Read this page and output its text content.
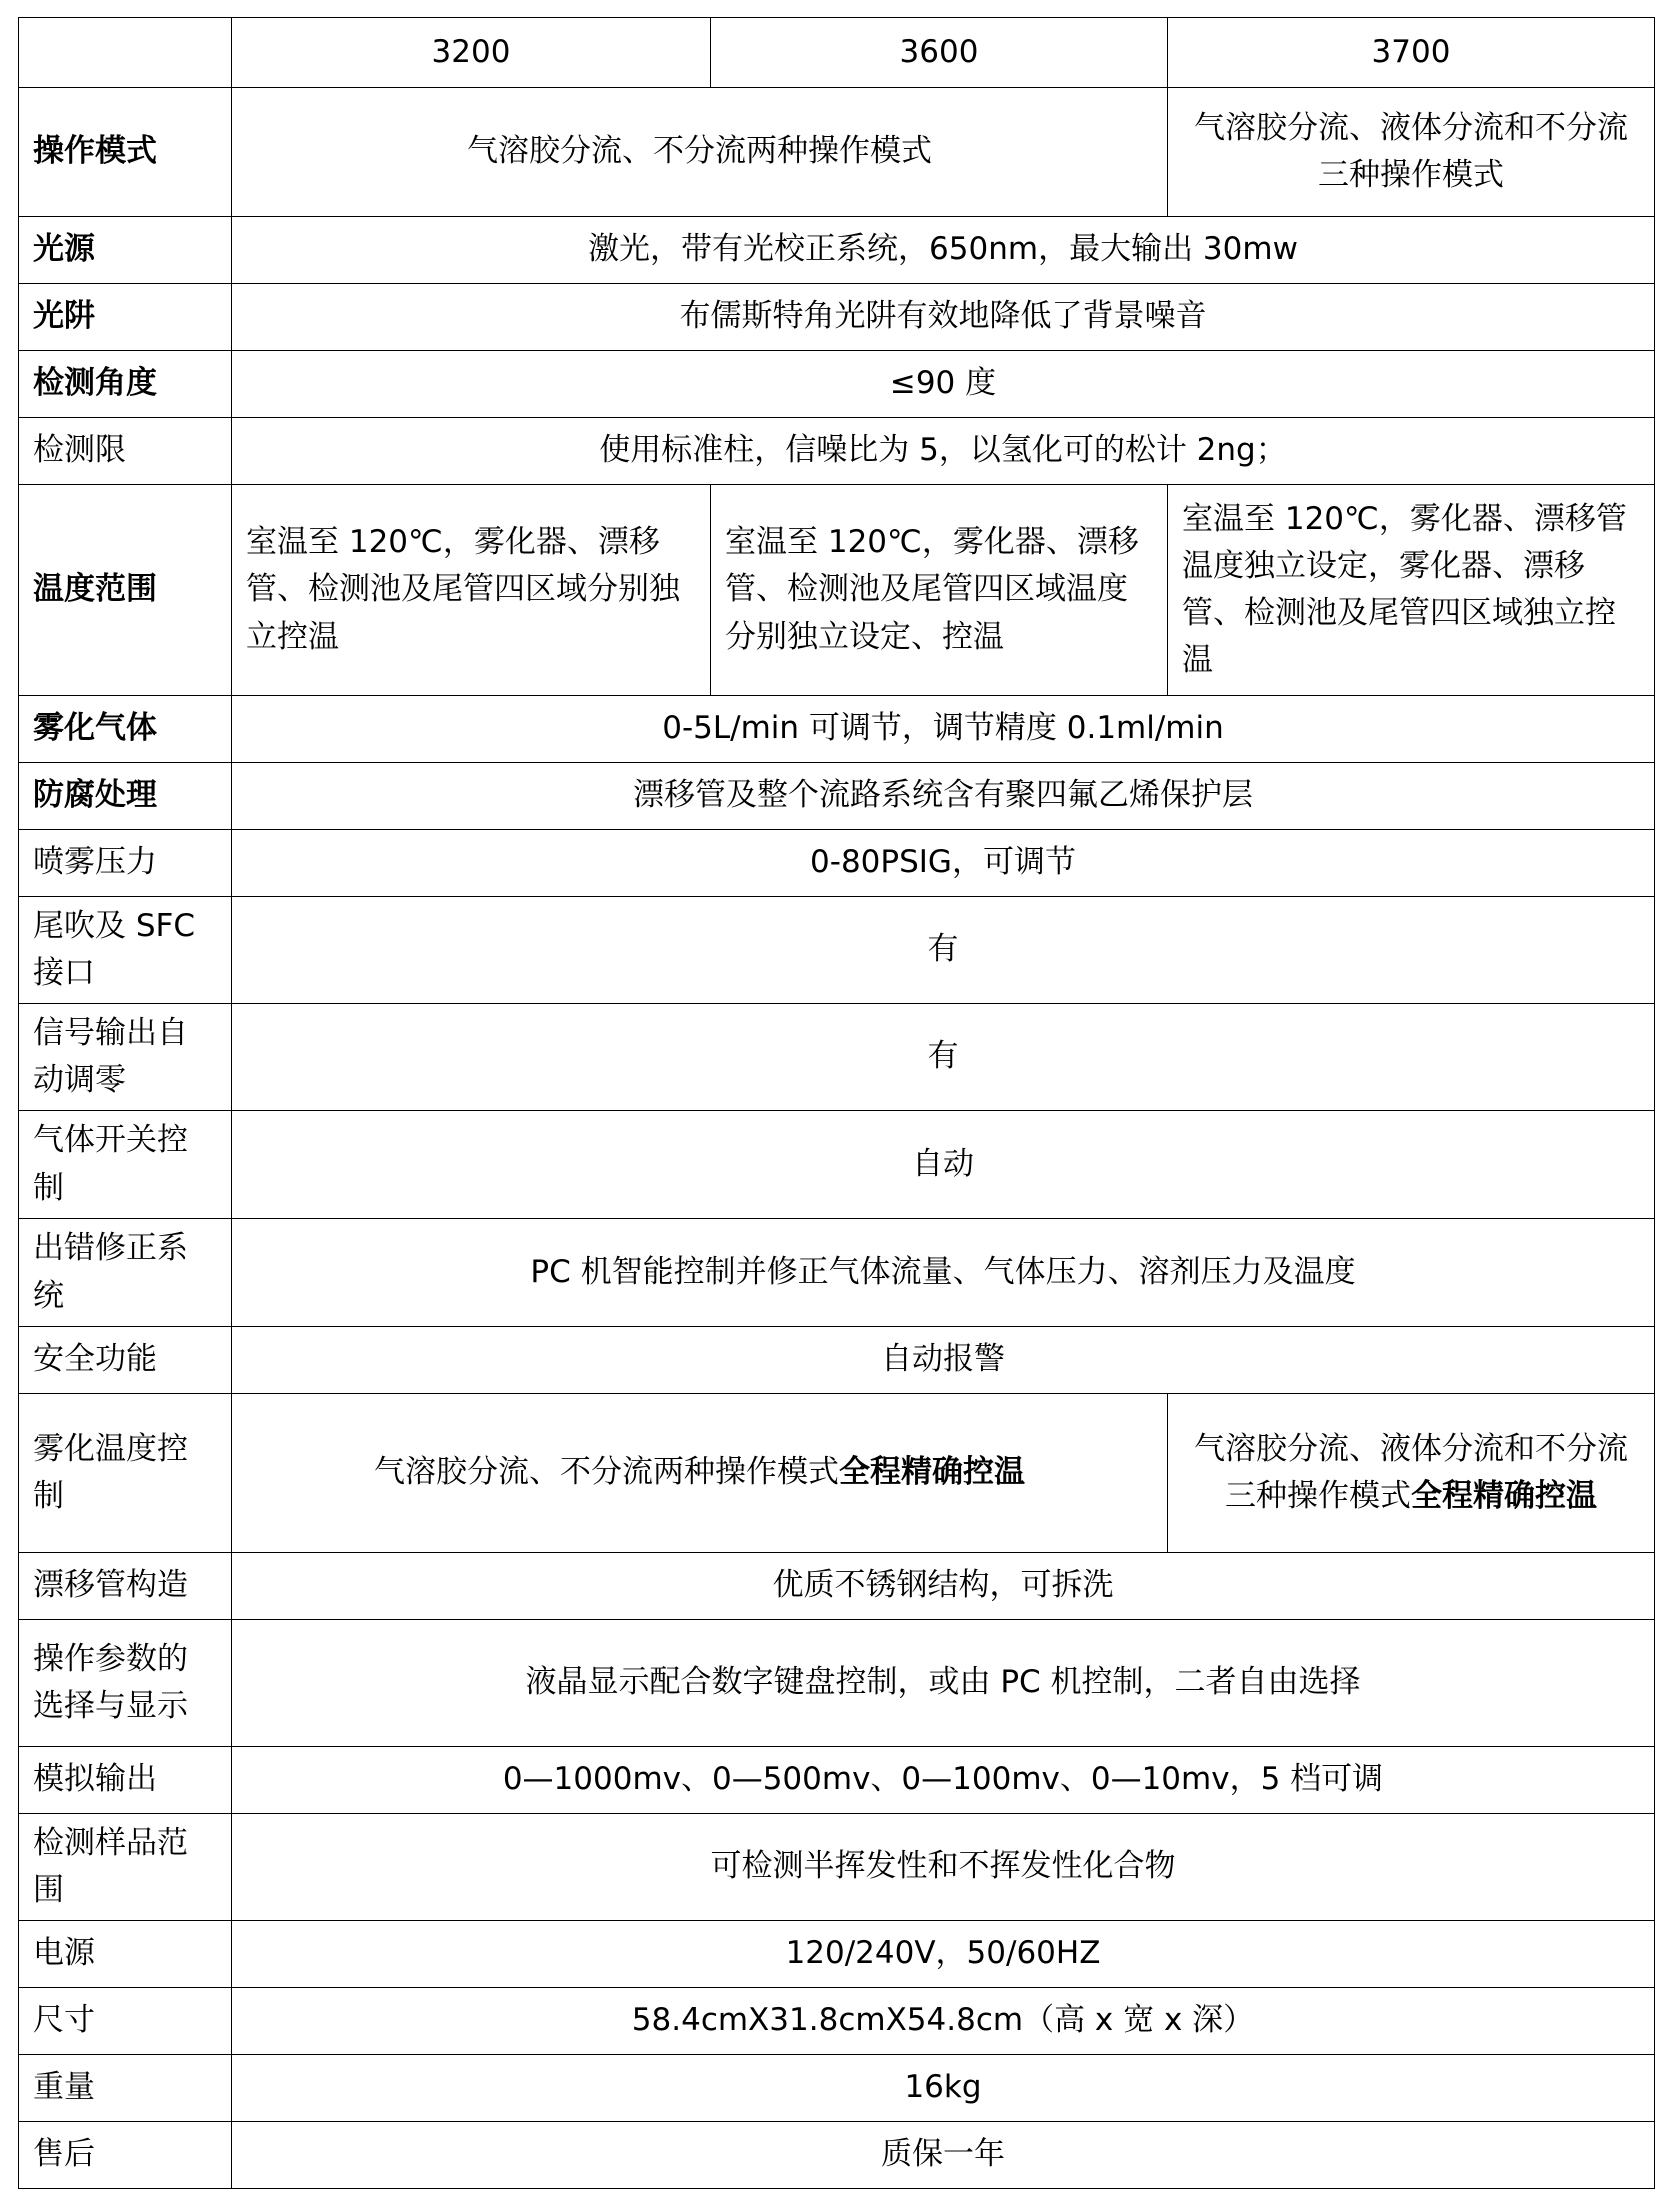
	3200	3600	3700
操作模式	气溶胶分流、不分流两种操作模式		气溶胶分流、液体分流和不分流三种操作模式
光源	激光，带有光校正系统，650nm，最大输出 30mw		
光阱	布儒斯特角光阱有效地降低了背景噪音		
检测角度	≤90 度		
检测限	使用标准柱，信噪比为 5，以氢化可的松计 2ng；		
温度范围	室温至 120℃，雾化器、漂移管、检测池及尾管四区域分别独立控温	室温至 120℃，雾化器、漂移管、检测池及尾管四区域温度分别独立设定、控温	室温至 120℃，雾化器、漂移管温度独立设定，雾化器、漂移管、检测池及尾管四区域独立控温
雾化气体	0-5L/min 可调节，调节精度 0.1ml/min		
防腐处理	漂移管及整个流路系统含有聚四氟乙烯保护层		
喷雾压力	0-80PSIG，可调节		
尾吹及 SFC 接口	有		
信号输出自动调零	有		
气体开关控制	自动		
出错修正系统	PC 机智能控制并修正气体流量、气体压力、溶剂压力及温度		
安全功能	自动报警		
雾化温度控制	气溶胶分流、不分流两种操作模式全程精确控温		气溶胶分流、液体分流和不分流三种操作模式全程精确控温
漂移管构造	优质不锈钢结构，可拆洗		
操作参数的选择与显示	液晶显示配合数字键盘控制，或由 PC 机控制，二者自由选择		
模拟输出	0—1000mv、0—500mv、0—100mv、0—10mv，5 档可调		
检测样品范围	可检测半挥发性和不挥发性化合物		
电源	120/240V，50/60HZ		
尺寸	58.4cmX31.8cmX54.8cm（高 x 宽 x 深）		
重量	16kg		
售后	质保一年		
